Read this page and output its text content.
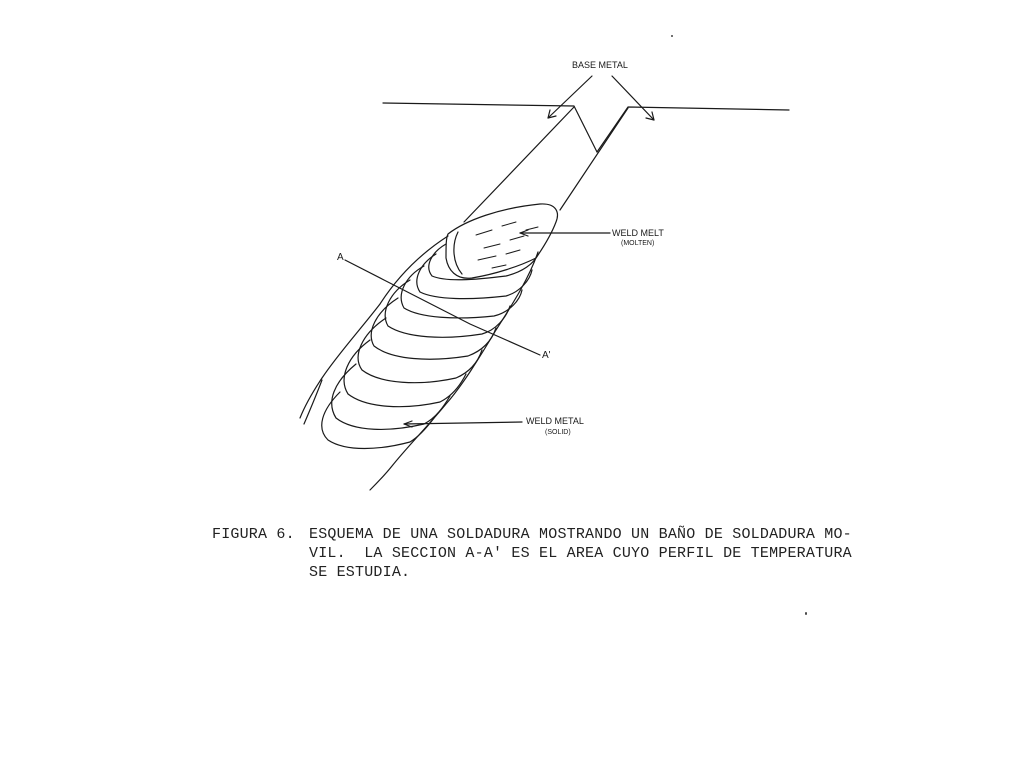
BASE METAL
WELD MELT
(MOLTEN)
WELD METAL
(SOLID)
A
A'
FIGURA 6. ESQUEMA DE UNA SOLDADURA MOSTRANDO UN BAÑO DE SOLDADURA MO-
VIL.  LA SECCION A-A' ES EL AREA CUYO PERFIL DE TEMPERATURA
SE ESTUDIA.
